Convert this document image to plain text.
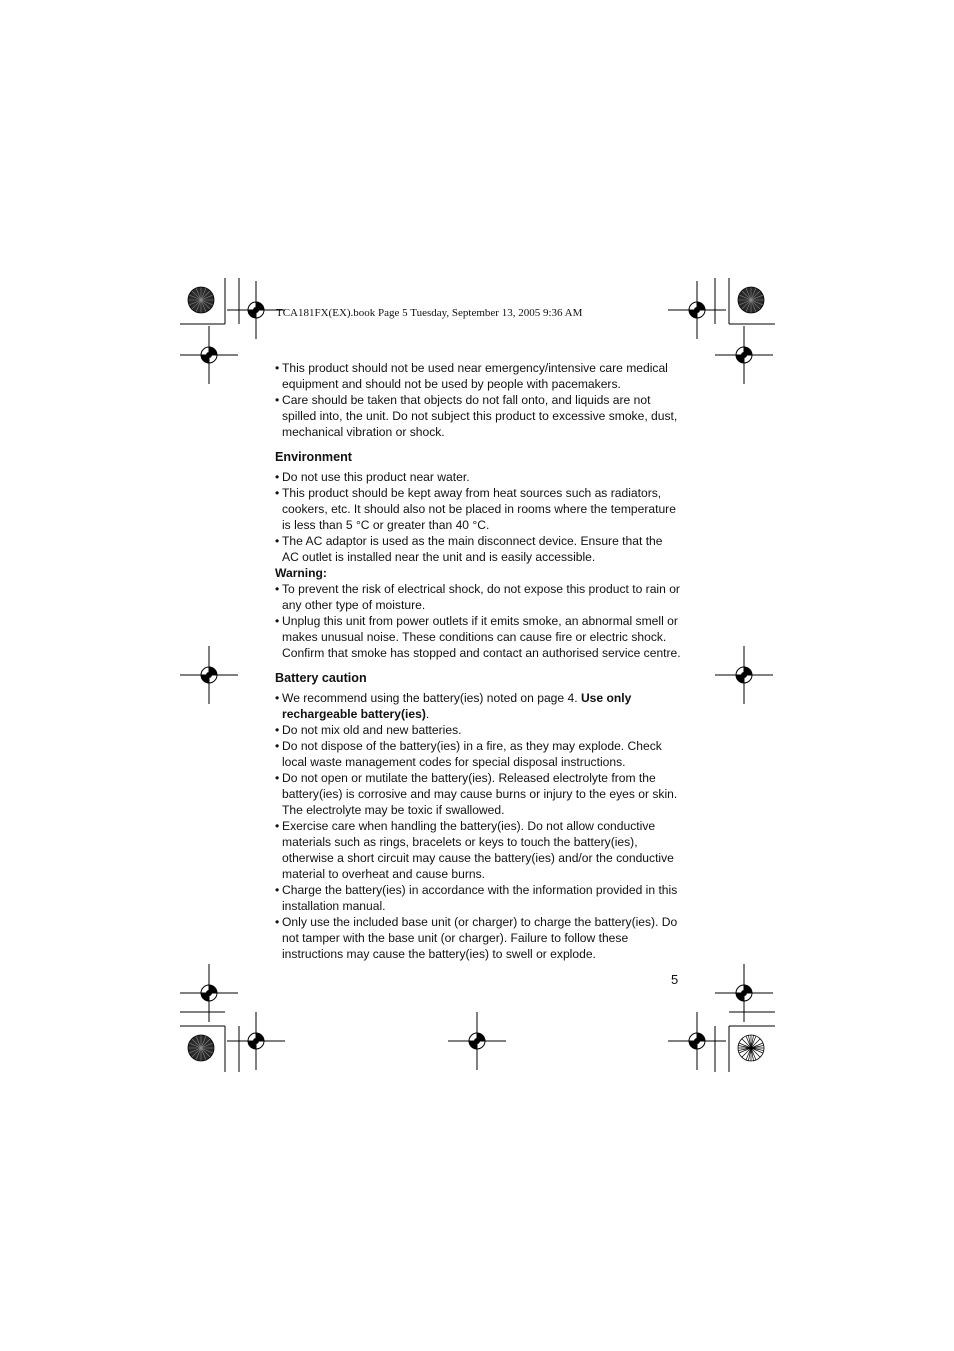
TCA181FX(EX).book Page 5 Tuesday, September 13, 2005 9:36 AM
• This product should not be used near emergency/intensive care medical equipment and should not be used by people with pacemakers.
• Care should be taken that objects do not fall onto, and liquids are not spilled into, the unit. Do not subject this product to excessive smoke, dust, mechanical vibration or shock.
Environment
• Do not use this product near water.
• This product should be kept away from heat sources such as radiators, cookers, etc. It should also not be placed in rooms where the temperature is less than 5 °C or greater than 40 °C.
• The AC adaptor is used as the main disconnect device. Ensure that the AC outlet is installed near the unit and is easily accessible.
Warning:
• To prevent the risk of electrical shock, do not expose this product to rain or any other type of moisture.
• Unplug this unit from power outlets if it emits smoke, an abnormal smell or makes unusual noise. These conditions can cause fire or electric shock. Confirm that smoke has stopped and contact an authorised service centre.
Battery caution
• We recommend using the battery(ies) noted on page 4. Use only rechargeable battery(ies).
• Do not mix old and new batteries.
• Do not dispose of the battery(ies) in a fire, as they may explode. Check local waste management codes for special disposal instructions.
• Do not open or mutilate the battery(ies). Released electrolyte from the battery(ies) is corrosive and may cause burns or injury to the eyes or skin. The electrolyte may be toxic if swallowed.
• Exercise care when handling the battery(ies). Do not allow conductive materials such as rings, bracelets or keys to touch the battery(ies), otherwise a short circuit may cause the battery(ies) and/or the conductive material to overheat and cause burns.
• Charge the battery(ies) in accordance with the information provided in this installation manual.
• Only use the included base unit (or charger) to charge the battery(ies). Do not tamper with the base unit (or charger). Failure to follow these instructions may cause the battery(ies) to swell or explode.
5
